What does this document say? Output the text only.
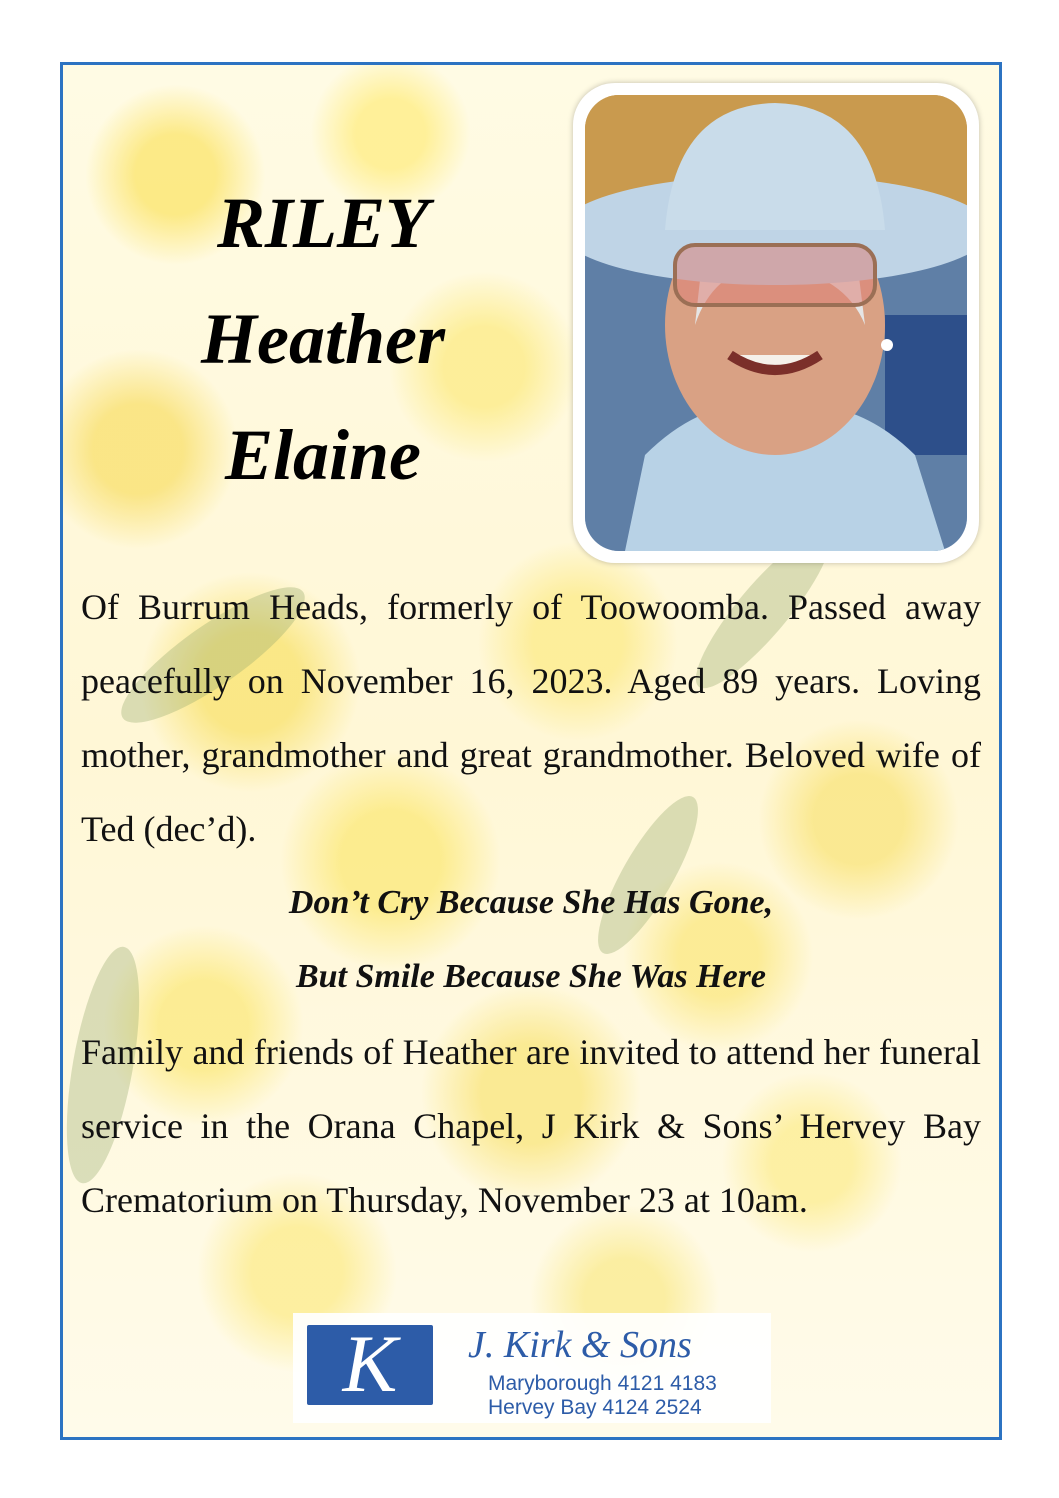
RILEY
Heather
Elaine
Of Burrum Heads, formerly of Toowoomba. Passed away peacefully on November 16, 2023. Aged 89 years. Loving mother, grandmother and great grandmother. Beloved wife of Ted (dec’d).
Don’t Cry Because She Has Gone,
But Smile Because She Was Here
Family and friends of Heather are invited to attend her funeral service in the Orana Chapel, J Kirk & Sons’ Hervey Bay Crematorium on Thursday, November 23 at 10am.
K	J. Kirk & Sons
Maryborough 4121 4183
Hervey Bay 4124 2524
